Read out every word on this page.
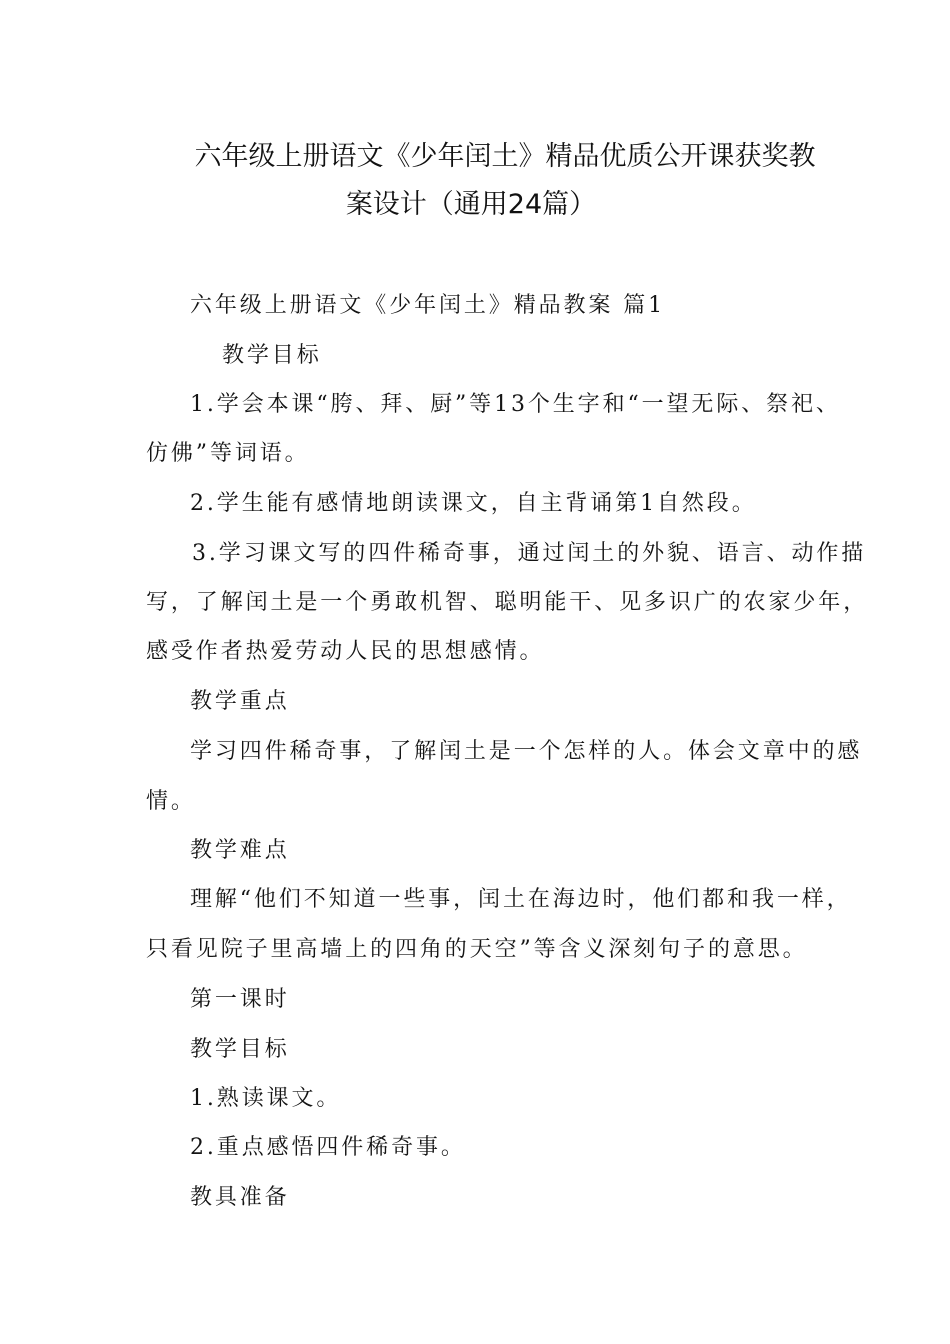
六年级上册语文《少年闰土》精品优质公开课获奖教
案设计（通用24篇）
六年级上册语文《少年闰土》精品教案 篇1
教学目标
1.学会本课“胯、拜、厨”等13个生字和“一望无际、祭祀、
仿佛”等词语。
2.学生能有感情地朗读课文，自主背诵第1自然段。
3.学习课文写的四件稀奇事，通过闰土的外貌、语言、动作描
写，了解闰土是一个勇敢机智、聪明能干、见多识广的农家少年，
感受作者热爱劳动人民的思想感情。
教学重点
学习四件稀奇事，了解闰土是一个怎样的人。体会文章中的感
情。
教学难点
理解“他们不知道一些事，闰土在海边时，他们都和我一样，
只看见院子里高墙上的四角的天空”等含义深刻句子的意思。
第一课时
教学目标
1.熟读课文。
2.重点感悟四件稀奇事。
教具准备
